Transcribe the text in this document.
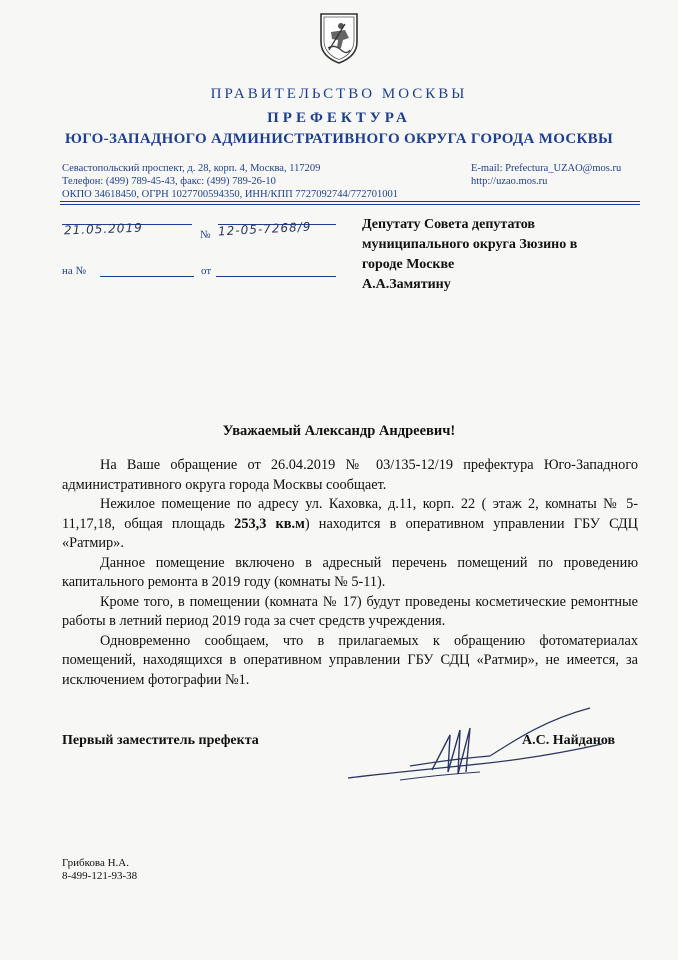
ПРАВИТЕЛЬСТВО МОСКВЫ
ПРЕФЕКТУРА
ЮГО-ЗАПАДНОГО АДМИНИСТРАТИВНОГО ОКРУГА ГОРОДА МОСКВЫ
Севастопольский проспект, д. 28, корп. 4, Москва, 117209
Телефон: (499) 789-45-43, факс: (499) 789-26-10
ОКПО 34618450, ОГРН 1027700594350, ИНН/КПП 7727092744/772701001
E-mail: Prefectura_UZAO@mos.ru
http://uzao.mos.ru
21.05.2019	№ 12-05-7268/9
на №	от
Депутату Совета депутатов
муниципального округа Зюзино в
городе Москве
А.А.Замятину
Уважаемый Александр Андреевич!

На Ваше обращение от 26.04.2019 № 03/135-12/19 префектура Юго-Западного административного округа города Москвы сообщает.

Нежилое помещение по адресу ул. Каховка, д.11, корп. 22 ( этаж 2, комнаты № 5-11,17,18, общая площадь 253,3 кв.м) находится в оперативном управлении ГБУ СДЦ «Ратмир».

Данное помещение включено в адресный перечень помещений по проведению капитального ремонта в 2019 году (комнаты № 5-11).

Кроме того, в помещении (комната № 17) будут проведены косметические ремонтные работы в летний период 2019 года за счет средств учреждения.

Одновременно сообщаем, что в прилагаемых к обращению фотоматериалах помещений, находящихся в оперативном управлении ГБУ СДЦ «Ратмир», не имеется, за исключением фотографии №1.

Первый заместитель префекта	А.С. Найданов
Грибкова Н.А.
8-499-121-93-38
